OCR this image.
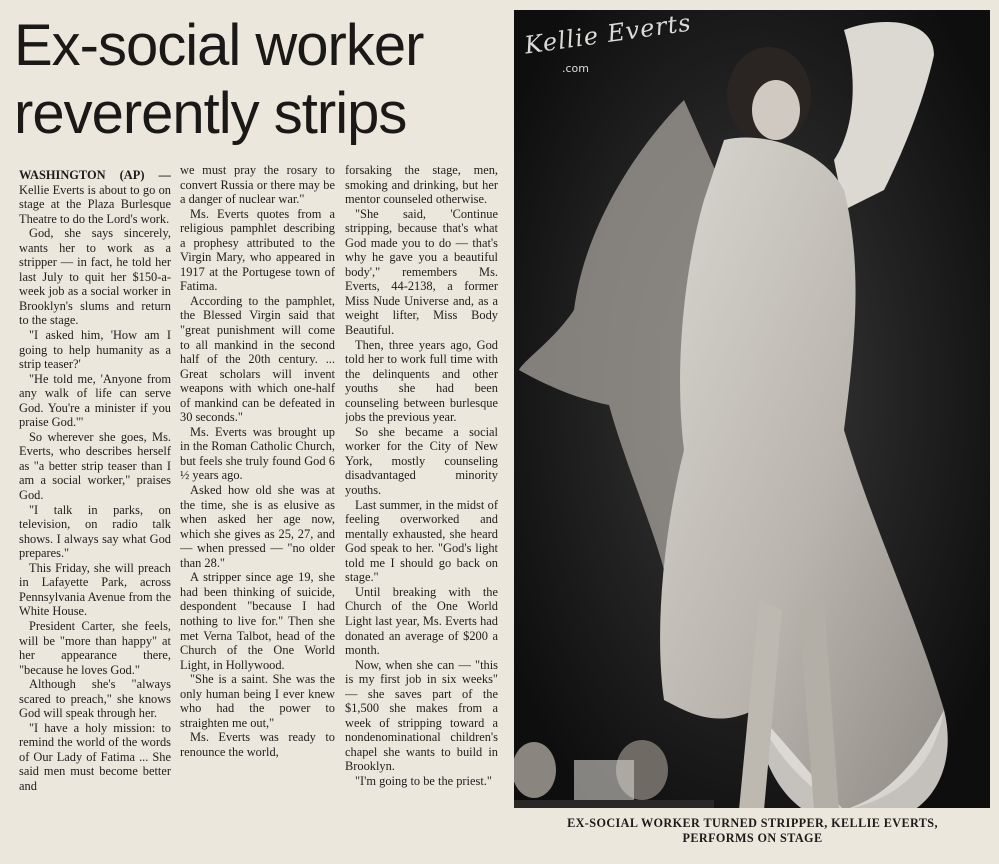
Ex-social worker
reverently strips

WASHINGTON (AP) — Kellie Everts is about to go on stage at the Plaza Burlesque Theatre to do the Lord's work.

God, she says sincerely, wants her to work as a stripper — in fact, he told her last July to quit her $150-a-week job as a social worker in Brooklyn's slums and return to the stage.

"I asked him, 'How am I going to help humanity as a strip teaser?'

"He told me, 'Anyone from any walk of life can serve God. You're a minister if you praise God.'"

So wherever she goes, Ms. Everts, who describes herself as "a better strip teaser than I am a social worker," praises God.

"I talk in parks, on television, on radio talk shows. I always say what God prepares."

This Friday, she will preach in Lafayette Park, across Pennsylvania Avenue from the White House.

President Carter, she feels, will be "more than happy" at her appearance there, "because he loves God."

Although she's "always scared to preach," she knows God will speak through her.

"I have a holy mission: to remind the world of the words of Our Lady of Fatima ... She said men must become better and

we must pray the rosary to convert Russia or there may be a danger of nuclear war."

Ms. Everts quotes from a religious pamphlet describing a prophesy attributed to the Virgin Mary, who appeared in 1917 at the Portugese town of Fatima.

According to the pamphlet, the Blessed Virgin said that "great punishment will come to all mankind in the second half of the 20th century. ... Great scholars will invent weapons with which one-half of mankind can be defeated in 30 seconds."

Ms. Everts was brought up in the Roman Catholic Church, but feels she truly found God 6 ½ years ago.

Asked how old she was at the time, she is as elusive as when asked her age now, which she gives as 25, 27, and — when pressed — "no older than 28."

A stripper since age 19, she had been thinking of suicide, despondent "because I had nothing to live for." Then she met Verna Talbot, head of the Church of the One World Light, in Hollywood.

"She is a saint. She was the only human being I ever knew who had the power to straighten me out,"

Ms. Everts was ready to renounce the world,

forsaking the stage, men, smoking and drinking, but her mentor counseled otherwise.

"She said, 'Continue stripping, because that's what God made you to do — that's why he gave you a beautiful body'," remembers Ms. Everts, 44-2138, a former Miss Nude Universe and, as a weight lifter, Miss Body Beautiful.

Then, three years ago, God told her to work full time with the delinquents and other youths she had been counseling between burlesque jobs the previous year.

So she became a social worker for the City of New York, mostly counseling disadvantaged minority youths.

Last summer, in the midst of feeling overworked and mentally exhausted, she heard God speak to her. "God's light told me I should go back on stage."

Until breaking with the Church of the One World Light last year, Ms. Everts had donated an average of $200 a month.

Now, when she can — "this is my first job in six weeks" — she saves part of the $1,500 she makes from a week of stripping toward a nondenominational children's chapel she wants to build in Brooklyn.

"I'm going to be the priest."

Kellie Everts
.com
EX-SOCIAL WORKER TURNED STRIPPER, KELLIE EVERTS,
PERFORMS ON STAGE
